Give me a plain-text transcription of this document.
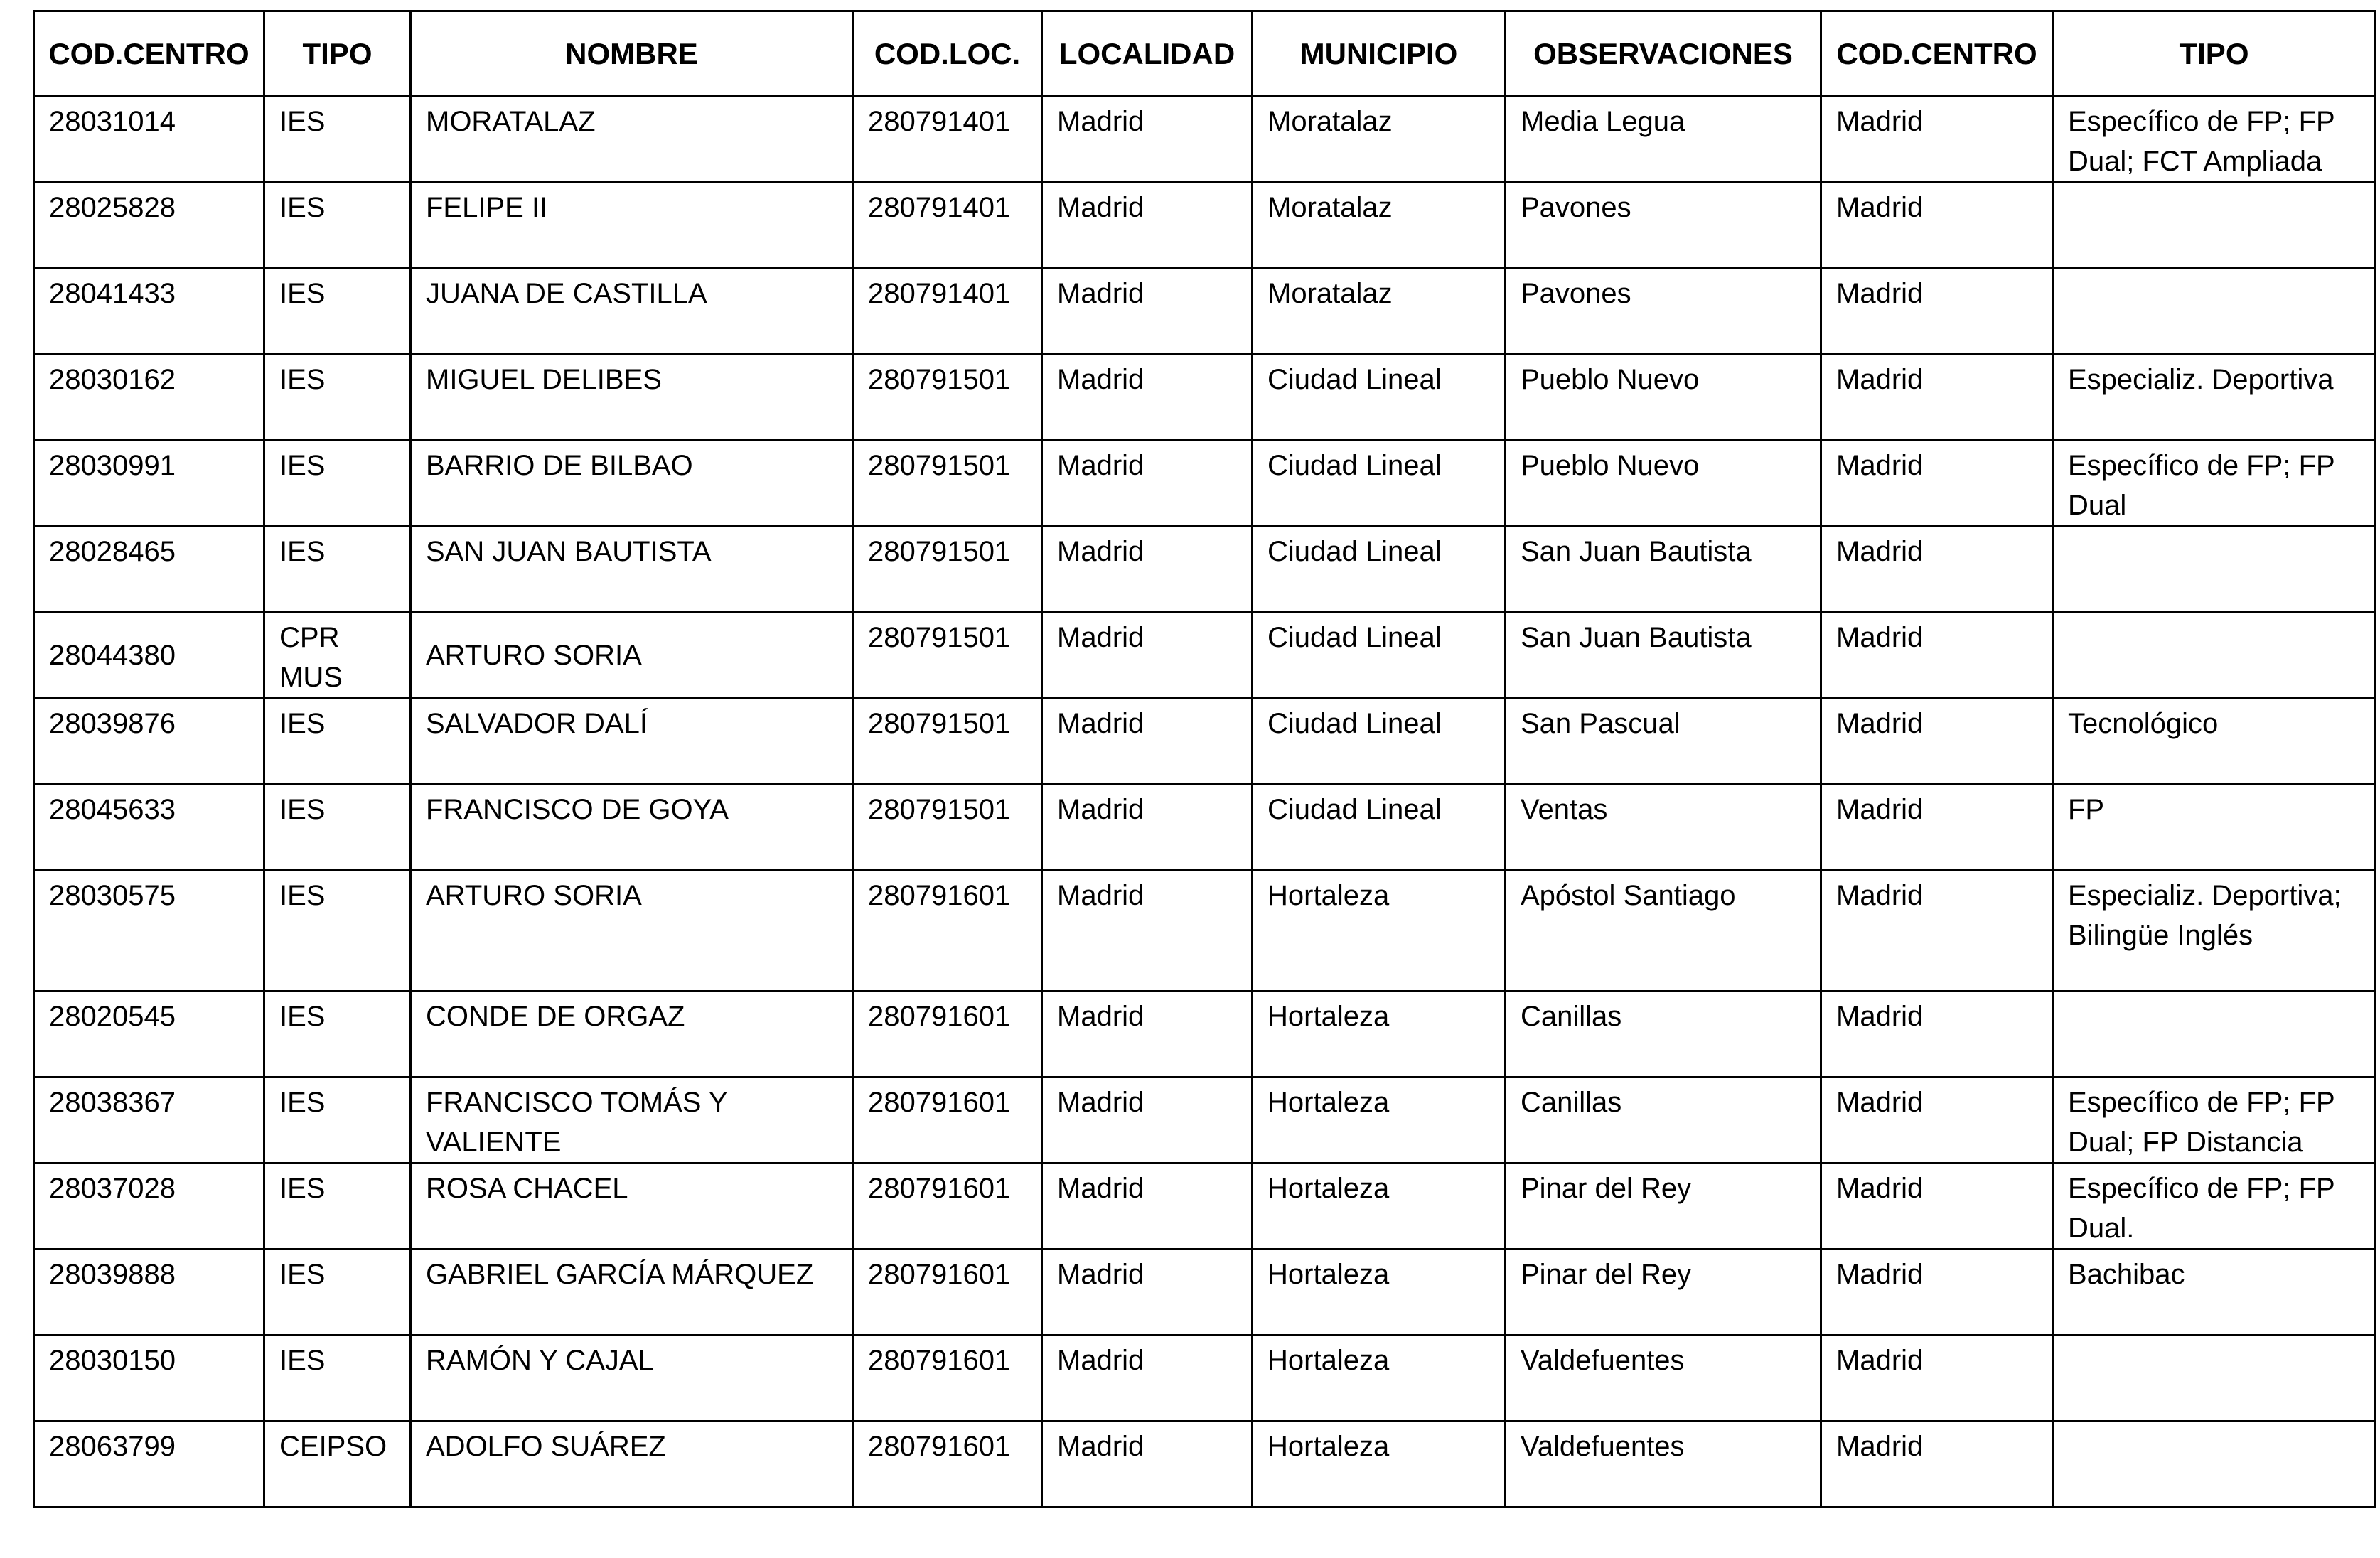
COD.CENTRO	TIPO	NOMBRE	COD.LOC.	LOCALIDAD	MUNICIPIO	OBSERVACIONES	COD.CENTRO	TIPO
28031014	IES	MORATALAZ	280791401	Madrid	Moratalaz	Media Legua	Madrid	Específico de FP; FP Dual; FCT Ampliada
28025828	IES	FELIPE II	280791401	Madrid	Moratalaz	Pavones	Madrid	
28041433	IES	JUANA DE CASTILLA	280791401	Madrid	Moratalaz	Pavones	Madrid	
28030162	IES	MIGUEL DELIBES	280791501	Madrid	Ciudad Lineal	Pueblo Nuevo	Madrid	Especializ. Deportiva
28030991	IES	BARRIO DE BILBAO	280791501	Madrid	Ciudad Lineal	Pueblo Nuevo	Madrid	Específico de FP; FP Dual
28028465	IES	SAN JUAN BAUTISTA	280791501	Madrid	Ciudad Lineal	San Juan Bautista	Madrid	
28044380	CPR MUS	ARTURO SORIA	280791501	Madrid	Ciudad Lineal	San Juan Bautista	Madrid	
28039876	IES	SALVADOR DALÍ	280791501	Madrid	Ciudad Lineal	San Pascual	Madrid	Tecnológico
28045633	IES	FRANCISCO DE GOYA	280791501	Madrid	Ciudad Lineal	Ventas	Madrid	FP
28030575	IES	ARTURO SORIA	280791601	Madrid	Hortaleza	Apóstol Santiago	Madrid	Especializ. Deportiva; Bilingüe Inglés
28020545	IES	CONDE DE ORGAZ	280791601	Madrid	Hortaleza	Canillas	Madrid	
28038367	IES	FRANCISCO TOMÁS Y VALIENTE	280791601	Madrid	Hortaleza	Canillas	Madrid	Específico de FP; FP Dual; FP Distancia
28037028	IES	ROSA CHACEL	280791601	Madrid	Hortaleza	Pinar del Rey	Madrid	Específico de FP; FP Dual.
28039888	IES	GABRIEL GARCÍA MÁRQUEZ	280791601	Madrid	Hortaleza	Pinar del Rey	Madrid	Bachibac
28030150	IES	RAMÓN Y CAJAL	280791601	Madrid	Hortaleza	Valdefuentes	Madrid	
28063799	CEIPSO	ADOLFO SUÁREZ	280791601	Madrid	Hortaleza	Valdefuentes	Madrid	
